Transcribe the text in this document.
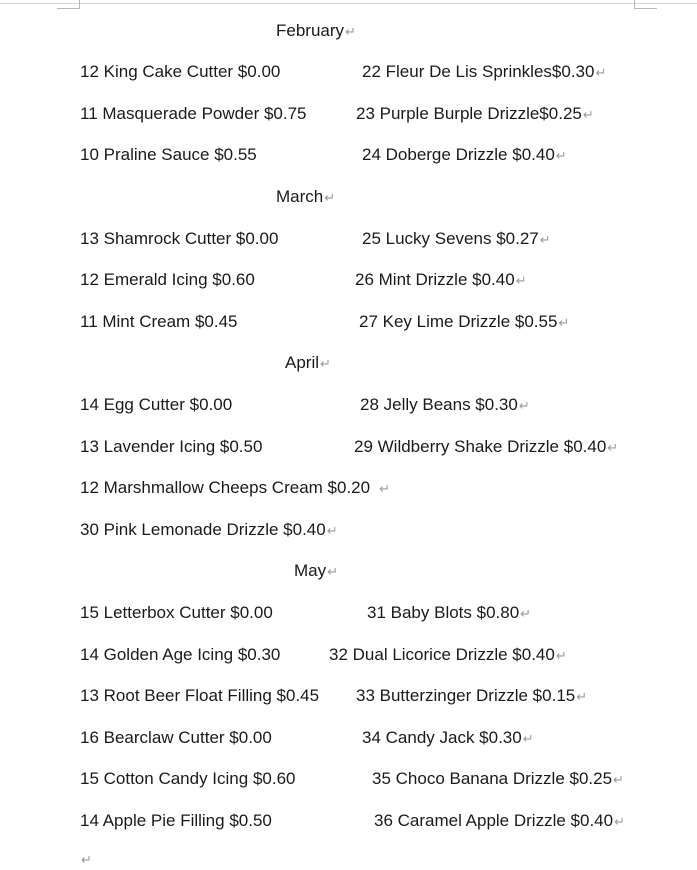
February↵
12 King Cake Cutter $0.00	22 Fleur De Lis Sprinkles$0.30↵
11 Masquerade Powder $0.75	23 Purple Burple Drizzle$0.25↵
10 Praline Sauce $0.55	24 Doberge Drizzle $0.40↵
March↵
13 Shamrock Cutter $0.00	25 Lucky Sevens $0.27↵
12 Emerald Icing $0.60	26 Mint Drizzle $0.40↵
11 Mint Cream $0.45	27 Key Lime Drizzle $0.55↵
April↵
14 Egg Cutter $0.00	28 Jelly Beans $0.30↵
13 Lavender Icing $0.50	29 Wildberry Shake Drizzle $0.40↵
12 Marshmallow Cheeps Cream $0.20 ↵
30 Pink Lemonade Drizzle $0.40↵
May↵
15 Letterbox Cutter $0.00	31 Baby Blots $0.80↵
14 Golden Age Icing $0.30	32 Dual Licorice Drizzle $0.40↵
13 Root Beer Float Filling $0.45 33 Butterzinger Drizzle $0.15↵
16 Bearclaw Cutter $0.00	34 Candy Jack $0.30↵
15 Cotton Candy Icing $0.60	35 Choco Banana Drizzle $0.25↵
14 Apple Pie Filling $0.50	36 Caramel Apple Drizzle $0.40↵
↵
